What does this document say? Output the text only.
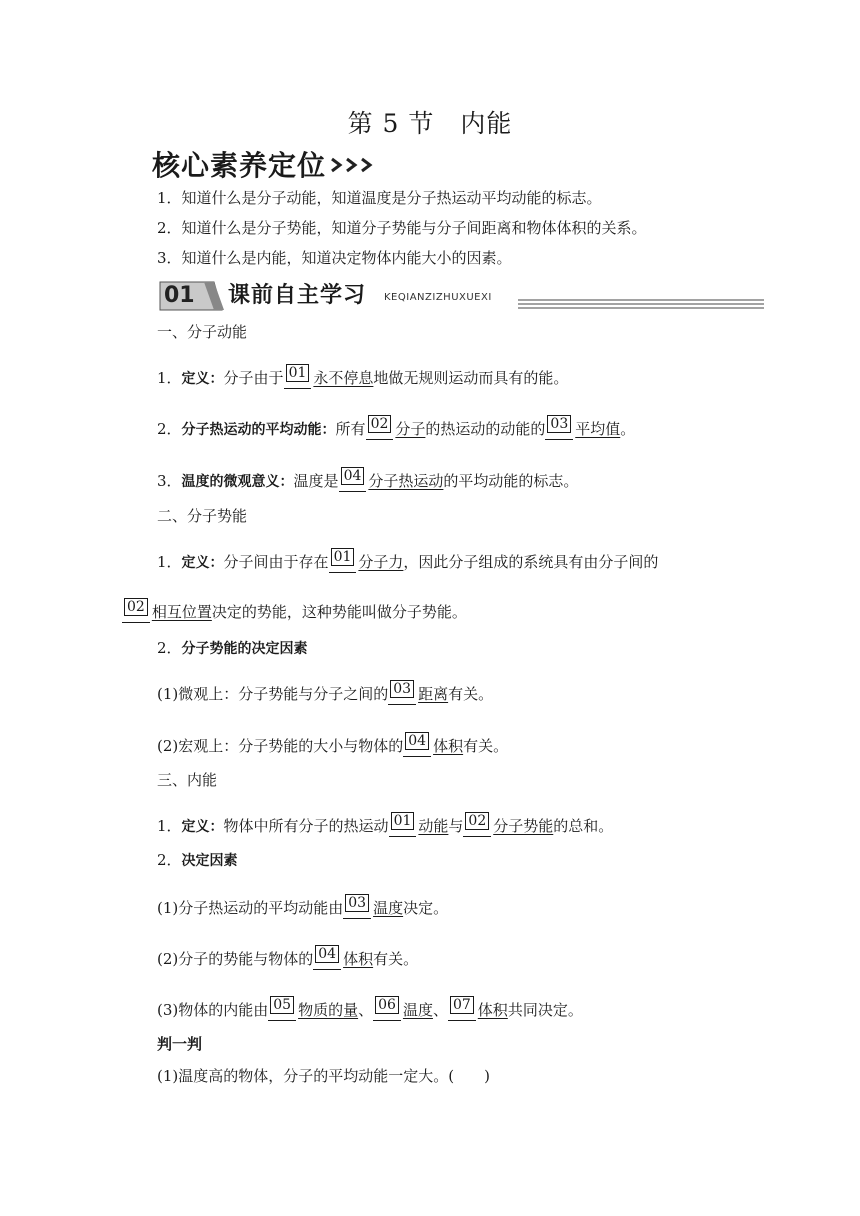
第 5 节　内能
核心素养定位
1．知道什么是分子动能，知道温度是分子热运动平均动能的标志。
2．知道什么是分子势能，知道分子势能与分子间距离和物体体积的关系。
3．知道什么是内能，知道决定物体内能大小的因素。
01	课前自主学习 KEQIANZIZHUXUEXI
一、分子动能
1．定义：分子由于 01 永不停息地做无规则运动而具有的能。
2．分子热运动的平均动能：所有 02 分子的热运动的动能的 03 平均值。
3．温度的微观意义：温度是 04 分子热运动的平均动能的标志。
二、分子势能
1．定义：分子间由于存在 01 分子力，因此分子组成的系统具有由分子间的
02 相互位置决定的势能，这种势能叫做分子势能。
2．分子势能的决定因素
(1)微观上：分子势能与分子之间的 03 距离有关。
(2)宏观上：分子势能的大小与物体的 04 体积有关。
三、内能
1．定义：物体中所有分子的热运动 01 动能与 02 分子势能的总和。
2．决定因素
(1)分子热运动的平均动能由 03 温度决定。
(2)分子的势能与物体的 04 体积有关。
(3)物体的内能由 05 物质的量、 06 温度、 07 体积共同决定。
判一判
(1)温度高的物体，分子的平均动能一定大。(　　)
